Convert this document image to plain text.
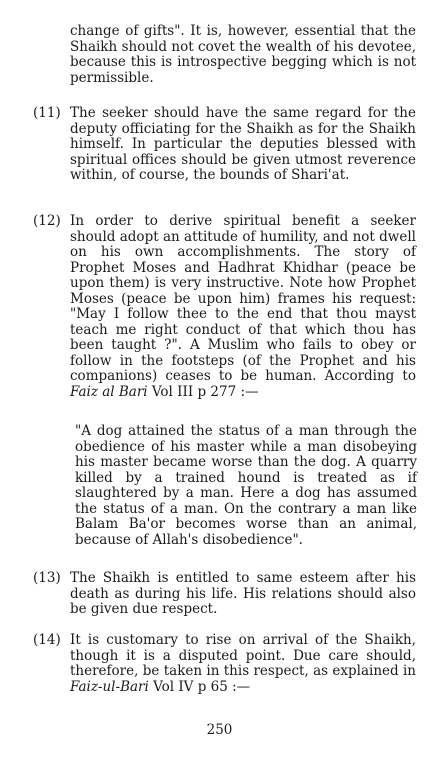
change of gifts". It is, however, essential that the Shaikh should not covet the wealth of his devotee, because this is introspective begging which is not permissible.

(11) The seeker should have the same regard for the deputy officiating for the Shaikh as for the Shaikh himself. In particular the deputies blessed with spiritual offices should be given utmost reverence within, of course, the bounds of Shari'at.

(12) In order to derive spiritual benefit a seeker should adopt an attitude of humility, and not dwell on his own accomplishments. The story of Prophet Moses and Hadhrat Khidhar (peace be upon them) is very instructive. Note how Prophet Moses (peace be upon him) frames his request: "May I follow thee to the end that thou mayst teach me right conduct of that which thou has been taught ?". A Muslim who fails to obey or follow in the footsteps (of the Prophet and his companions) ceases to be human. According to Faiz al Bari Vol III p 277 :—

"A dog attained the status of a man through the obedience of his master while a man disobeying his master became worse than the dog. A quarry killed by a trained hound is treated as if slaughtered by a man. Here a dog has assumed the status of a man. On the contrary a man like Balam Ba'or becomes worse than an animal, because of Allah's disobedience".

(13) The Shaikh is entitled to same esteem after his death as during his life. His relations should also be given due respect.

(14) It is customary to rise on arrival of the Shaikh, though it is a disputed point. Due care should, therefore, be taken in this respect, as explained in Faiz-ul-Bari Vol IV p 65 :—

250
